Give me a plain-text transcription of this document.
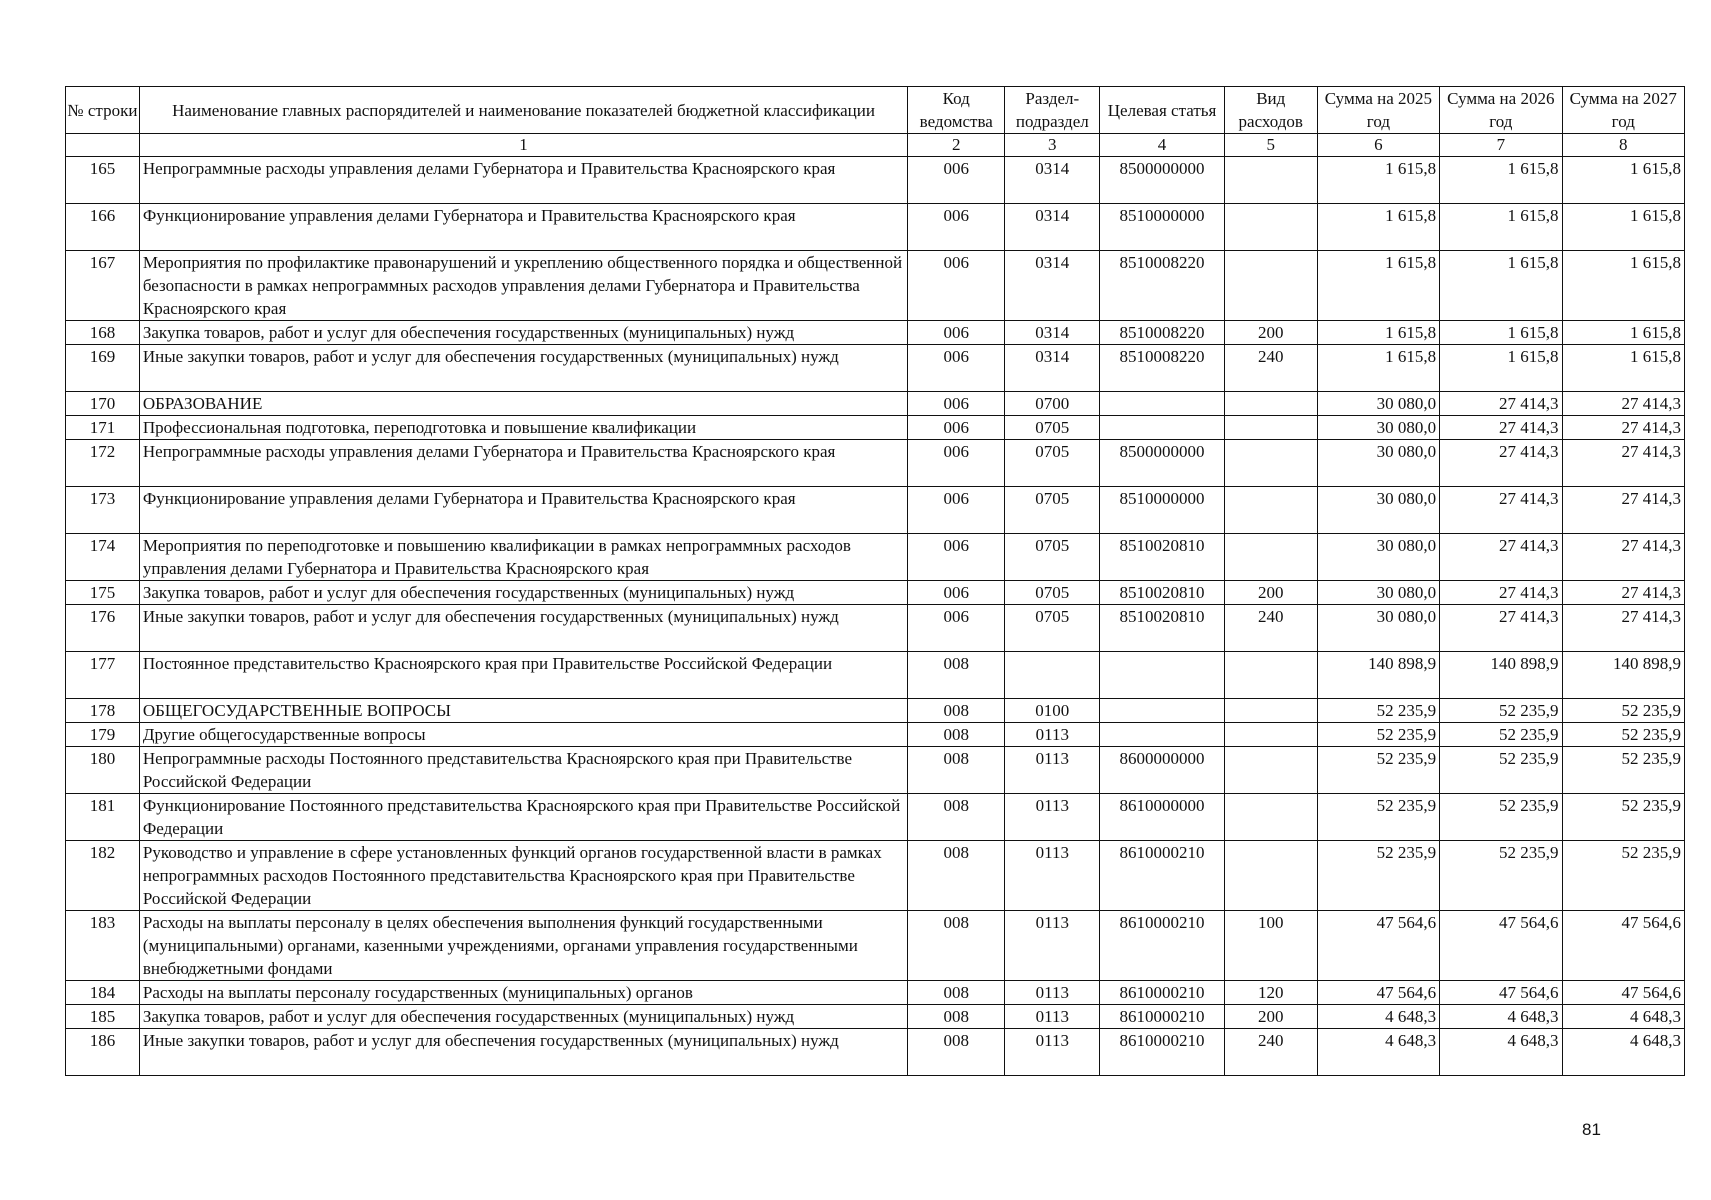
№ строки	Наименование главных распорядителей и наименование показателей бюджетной классификации	Код ведомства	Раздел-подраздел	Целевая статья	Вид расходов	Сумма на 2025 год	Сумма на 2026 год	Сумма на 2027 год
	1	2	3	4	5	6	7	8
165	Непрограммные расходы управления делами Губернатора и Правительства Красноярского края	006	0314	8500000000		1 615,8	1 615,8	1 615,8
166	Функционирование управления делами Губернатора и Правительства Красноярского края	006	0314	8510000000		1 615,8	1 615,8	1 615,8
167	Мероприятия по профилактике правонарушений и укреплению общественного порядка и общественной безопасности в рамках непрограммных расходов управления делами Губернатора и Правительства Красноярского края	006	0314	8510008220		1 615,8	1 615,8	1 615,8
168	Закупка товаров, работ и услуг для обеспечения государственных (муниципальных) нужд	006	0314	8510008220	200	1 615,8	1 615,8	1 615,8
169	Иные закупки товаров, работ и услуг для обеспечения государственных (муниципальных) нужд	006	0314	8510008220	240	1 615,8	1 615,8	1 615,8
170	ОБРАЗОВАНИЕ	006	0700			30 080,0	27 414,3	27 414,3
171	Профессиональная подготовка, переподготовка и повышение квалификации	006	0705			30 080,0	27 414,3	27 414,3
172	Непрограммные расходы управления делами Губернатора и Правительства Красноярского края	006	0705	8500000000		30 080,0	27 414,3	27 414,3
173	Функционирование управления делами Губернатора и Правительства Красноярского края	006	0705	8510000000		30 080,0	27 414,3	27 414,3
174	Мероприятия по переподготовке и повышению квалификации в рамках непрограммных расходов управления делами Губернатора и Правительства Красноярского края	006	0705	8510020810		30 080,0	27 414,3	27 414,3
175	Закупка товаров, работ и услуг для обеспечения государственных (муниципальных) нужд	006	0705	8510020810	200	30 080,0	27 414,3	27 414,3
176	Иные закупки товаров, работ и услуг для обеспечения государственных (муниципальных) нужд	006	0705	8510020810	240	30 080,0	27 414,3	27 414,3
177	Постоянное представительство Красноярского края при Правительстве Российской Федерации	008				140 898,9	140 898,9	140 898,9
178	ОБЩЕГОСУДАРСТВЕННЫЕ ВОПРОСЫ	008	0100			52 235,9	52 235,9	52 235,9
179	Другие общегосударственные вопросы	008	0113			52 235,9	52 235,9	52 235,9
180	Непрограммные расходы Постоянного представительства Красноярского края при Правительстве Российской Федерации	008	0113	8600000000		52 235,9	52 235,9	52 235,9
181	Функционирование Постоянного представительства Красноярского края при Правительстве Российской Федерации	008	0113	8610000000		52 235,9	52 235,9	52 235,9
182	Руководство и управление в сфере установленных функций органов государственной власти в рамках непрограммных расходов Постоянного представительства Красноярского края при Правительстве Российской Федерации	008	0113	8610000210		52 235,9	52 235,9	52 235,9
183	Расходы на выплаты персоналу в целях обеспечения выполнения функций государственными (муниципальными) органами, казенными учреждениями, органами управления государственными внебюджетными фондами	008	0113	8610000210	100	47 564,6	47 564,6	47 564,6
184	Расходы на выплаты персоналу государственных (муниципальных) органов	008	0113	8610000210	120	47 564,6	47 564,6	47 564,6
185	Закупка товаров, работ и услуг для обеспечения государственных (муниципальных) нужд	008	0113	8610000210	200	4 648,3	4 648,3	4 648,3
186	Иные закупки товаров, работ и услуг для обеспечения государственных (муниципальных) нужд	008	0113	8610000210	240	4 648,3	4 648,3	4 648,3
81
